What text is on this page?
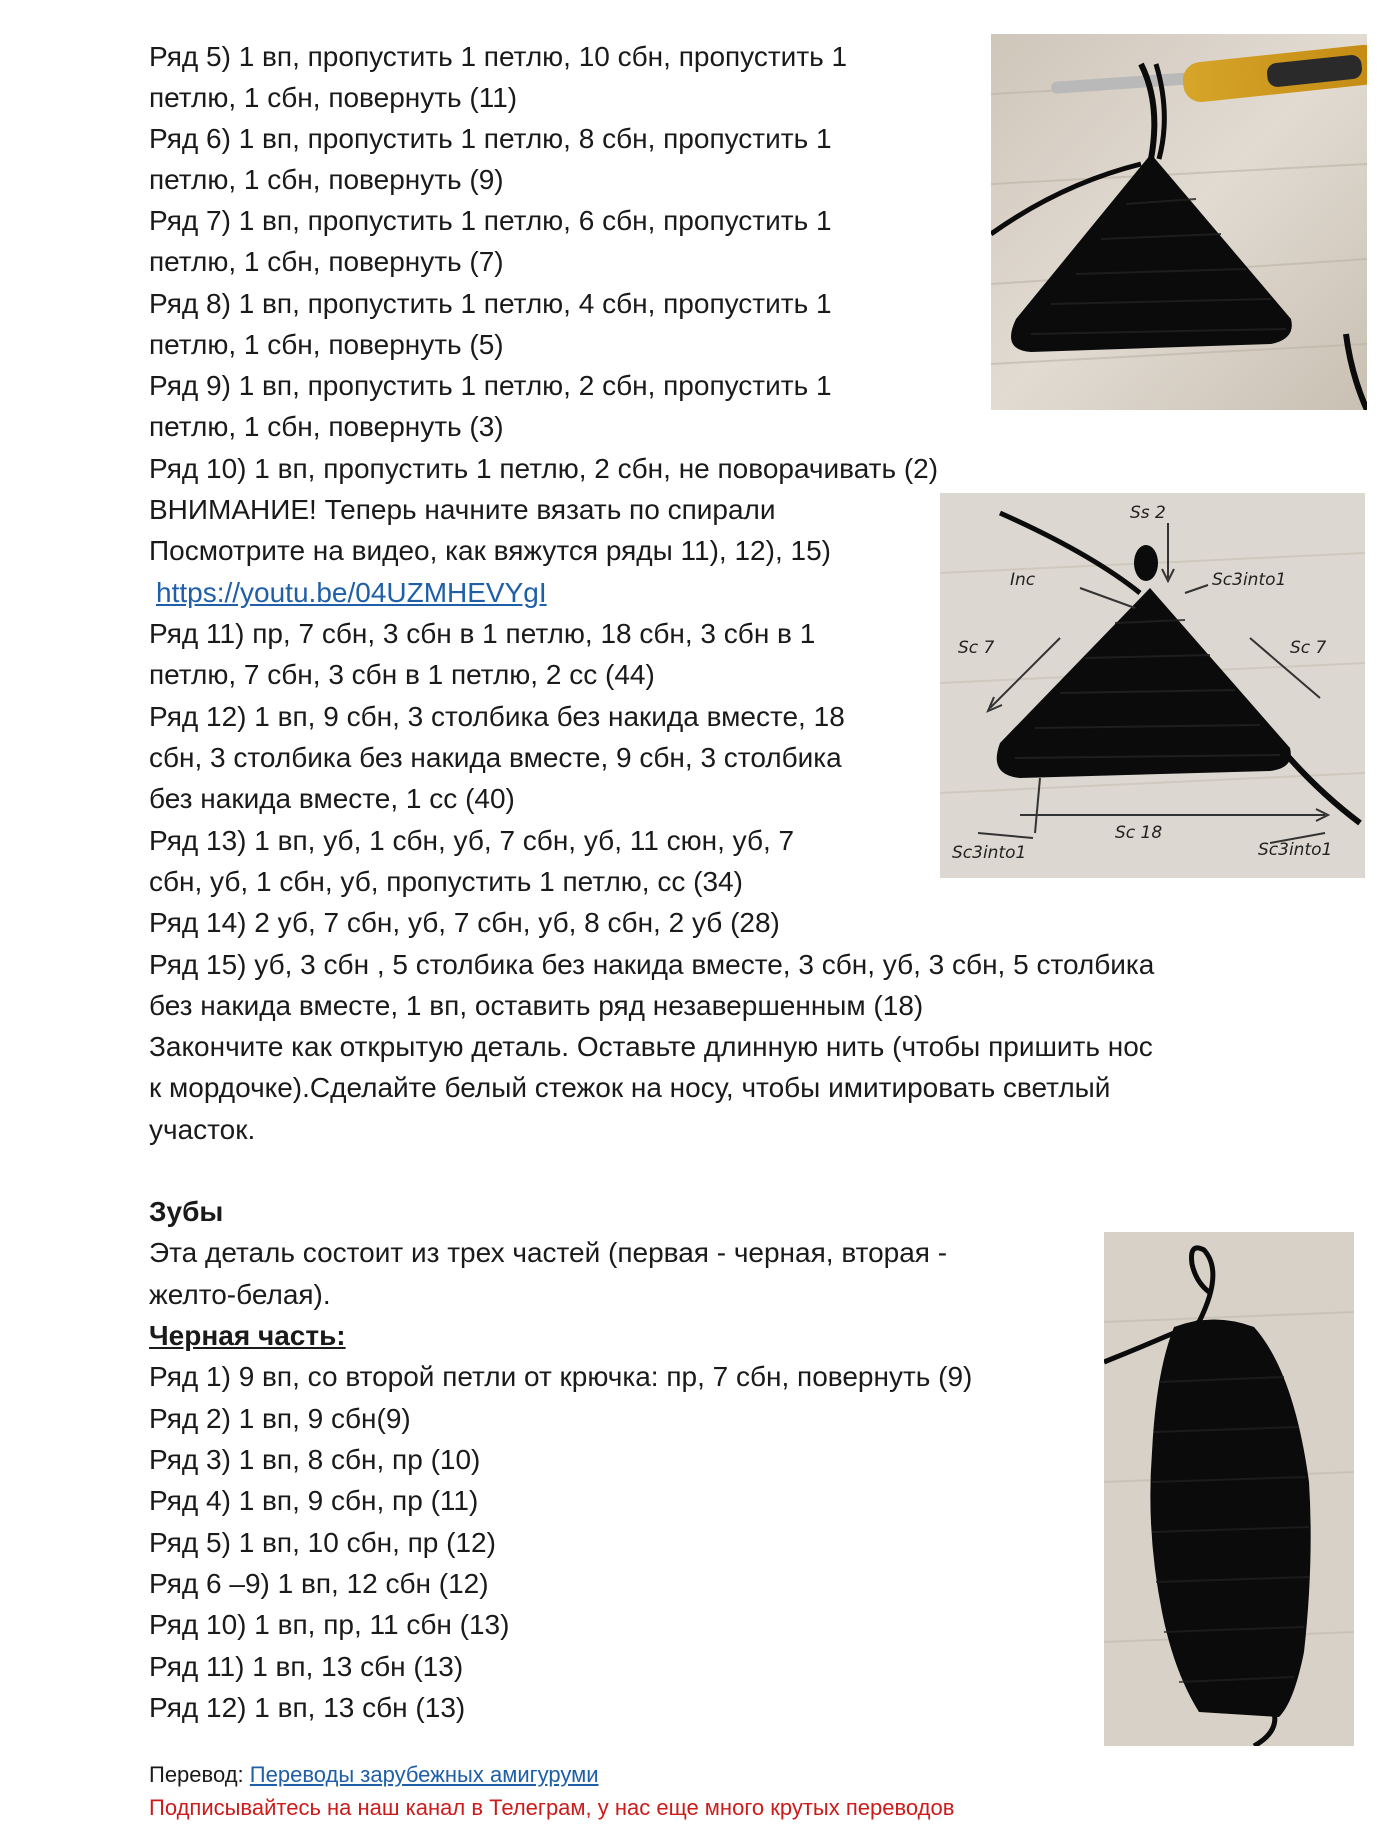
Ряд 5) 1 вп, пропустить 1 петлю, 10 сбн, пропустить 1
петлю, 1 сбн, повернуть (11)
Ряд 6) 1 вп, пропустить 1 петлю, 8 сбн, пропустить 1
петлю, 1 сбн, повернуть (9)
Ряд 7) 1 вп, пропустить 1 петлю, 6 сбн, пропустить 1
петлю, 1 сбн, повернуть (7)
Ряд 8) 1 вп, пропустить 1 петлю, 4 сбн, пропустить 1
петлю, 1 сбн, повернуть (5)
Ряд 9) 1 вп, пропустить 1 петлю, 2 сбн, пропустить 1
петлю, 1 сбн, повернуть (3)
Ряд 10) 1 вп, пропустить 1 петлю, 2 сбн, не поворачивать (2)
ВНИМАНИЕ! Теперь начните вязать по спирали
Посмотрите на видео, как вяжутся ряды 11), 12), 15)
https://youtu.be/04UZMHEVYgI
Ряд 11) пр, 7 сбн, 3 сбн в 1 петлю, 18 сбн, 3 сбн в 1
петлю, 7 сбн, 3 сбн в 1 петлю, 2 сс (44)
Ряд 12) 1 вп, 9 сбн, 3 столбика без накида вместе, 18
сбн, 3 столбика без накида вместе, 9 сбн, 3 столбика
без накида вместе, 1 сс (40)
Ряд 13) 1 вп, уб, 1 сбн, уб, 7 сбн, уб, 11 сюн, уб, 7
сбн, уб, 1 сбн, уб, пропустить 1 петлю, сс (34)
Ряд 14) 2 уб, 7 сбн, уб, 7 сбн, уб, 8 сбн, 2 уб (28)
Ряд 15) уб, 3 сбн , 5 столбика без накида вместе, 3 сбн, уб, 3 сбн, 5 столбика
без накида вместе, 1 вп, оставить ряд незавершенным (18)
Закончите как открытую деталь. Оставьте длинную нить (чтобы пришить нос
к мордочке).Сделайте белый стежок на носу, чтобы имитировать светлый
участок.
Зубы
Эта деталь состоит из трех частей (первая - черная, вторая -
желто-белая).
Черная часть:
Ряд 1) 9 вп, со второй петли от крючка: пр, 7 сбн, повернуть (9)
Ряд 2) 1 вп, 9 сбн(9)
Ряд 3) 1 вп, 8 сбн, пр (10)
Ряд 4) 1 вп, 9 сбн, пр (11)
Ряд 5) 1 вп, 10 сбн, пр (12)
Ряд 6 –9) 1 вп, 12 сбн (12)
Ряд 10) 1 вп, пр, 11 сбн (13)
Ряд 11) 1 вп, 13 сбн (13)
Ряд 12) 1 вп, 13 сбн (13)
Перевод: Переводы зарубежных амигуруми
Подписывайтесь на наш канал в Телеграм, у нас еще много крутых переводов
Ss 2
Inc	Sc3into1
Sc 7	Sc 7
Sc 18
Sc3into1	Sc3into1
